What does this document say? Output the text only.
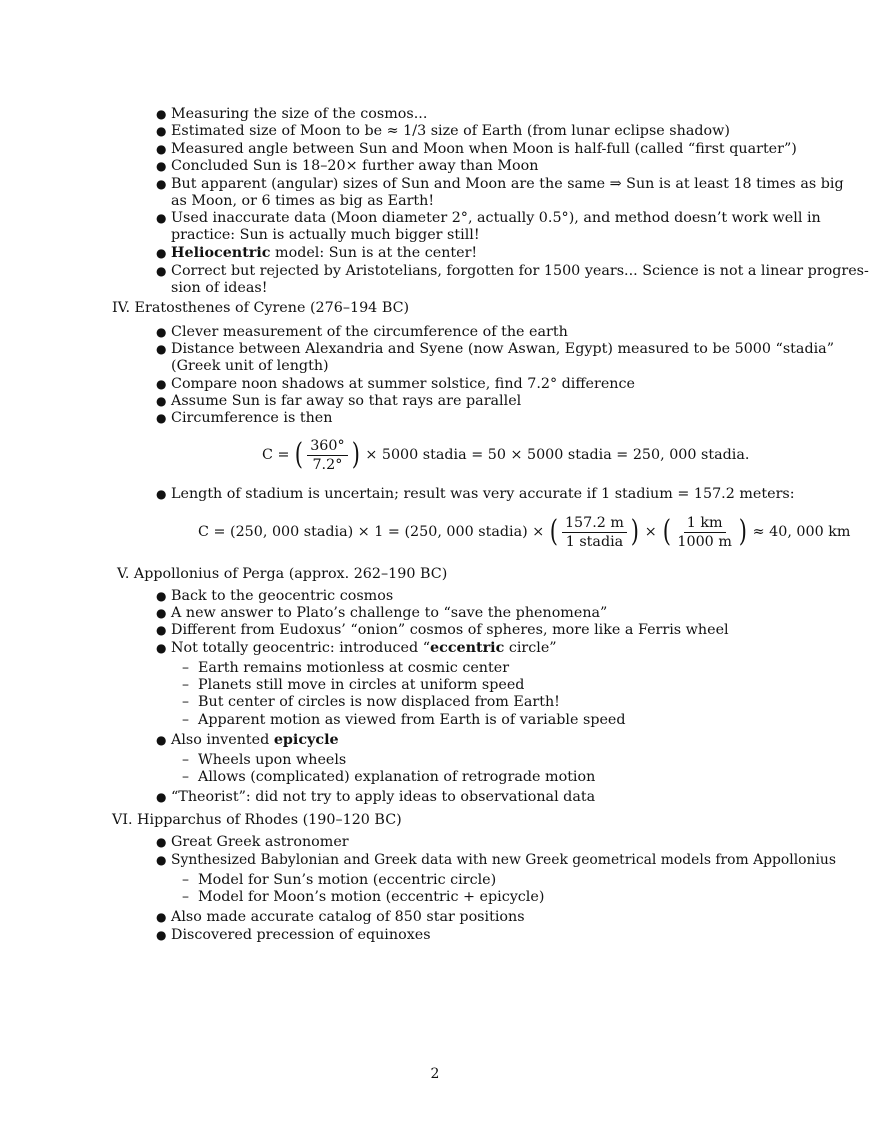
● Measuring the size of the cosmos...
● Estimated size of Moon to be ≈ 1/3 size of Earth (from lunar eclipse shadow)
● Measured angle between Sun and Moon when Moon is half-full (called “first quarter”)
● Concluded Sun is 18–20× further away than Moon
● But apparent (angular) sizes of Sun and Moon are the same ⇒ Sun is at least 18 times as big
as Moon, or 6 times as big as Earth!
● Used inaccurate data (Moon diameter 2°, actually 0.5°), and method doesn’t work well in
practice: Sun is actually much bigger still!
● Heliocentric model: Sun is at the center!
● Correct but rejected by Aristotelians, forgotten for 1500 years... Science is not a linear progres-
sion of ideas!
IV. Eratosthenes of Cyrene (276–194 BC)
● Clever measurement of the circumference of the earth
● Distance between Alexandria and Syene (now Aswan, Egypt) measured to be 5000 “stadia”
(Greek unit of length)
● Compare noon shadows at summer solstice, find 7.2° difference
● Assume Sun is far away so that rays are parallel
● Circumference is then
C = ( $\frac{360^\circ}{7.2^\circ}$ ) × 5000 stadia = 50 × 5000 stadia = 250, 000 stadia.
● Length of stadium is uncertain; result was very accurate if 1 stadium = 157.2 meters:
C = (250, 000 stadia) × 1 = (250, 000 stadia) × ( $\frac{157.2 m}{\text{1 stadia}}$ ) × ( $\frac{1 km}{1000 m}$ ) ≈ 40, 000 km
V. Appollonius of Perga (approx. 262–190 BC)
● Back to the geocentric cosmos
● A new answer to Plato’s challenge to “save the phenomena”
● Different from Eudoxus’ “onion” cosmos of spheres, more like a Ferris wheel
● Not totally geocentric: introduced “eccentric circle”
– Earth remains motionless at cosmic center
– Planets still move in circles at uniform speed
– But center of circles is now displaced from Earth!
– Apparent motion as viewed from Earth is of variable speed
● Also invented epicycle
– Wheels upon wheels
– Allows (complicated) explanation of retrograde motion
● “Theorist”: did not try to apply ideas to observational data
VI. Hipparchus of Rhodes (190–120 BC)
● Great Greek astronomer
● Synthesized Babylonian and Greek data with new Greek geometrical models from Appollonius
– Model for Sun’s motion (eccentric circle)
– Model for Moon’s motion (eccentric + epicycle)
● Also made accurate catalog of 850 star positions
● Discovered precession of equinoxes
2
